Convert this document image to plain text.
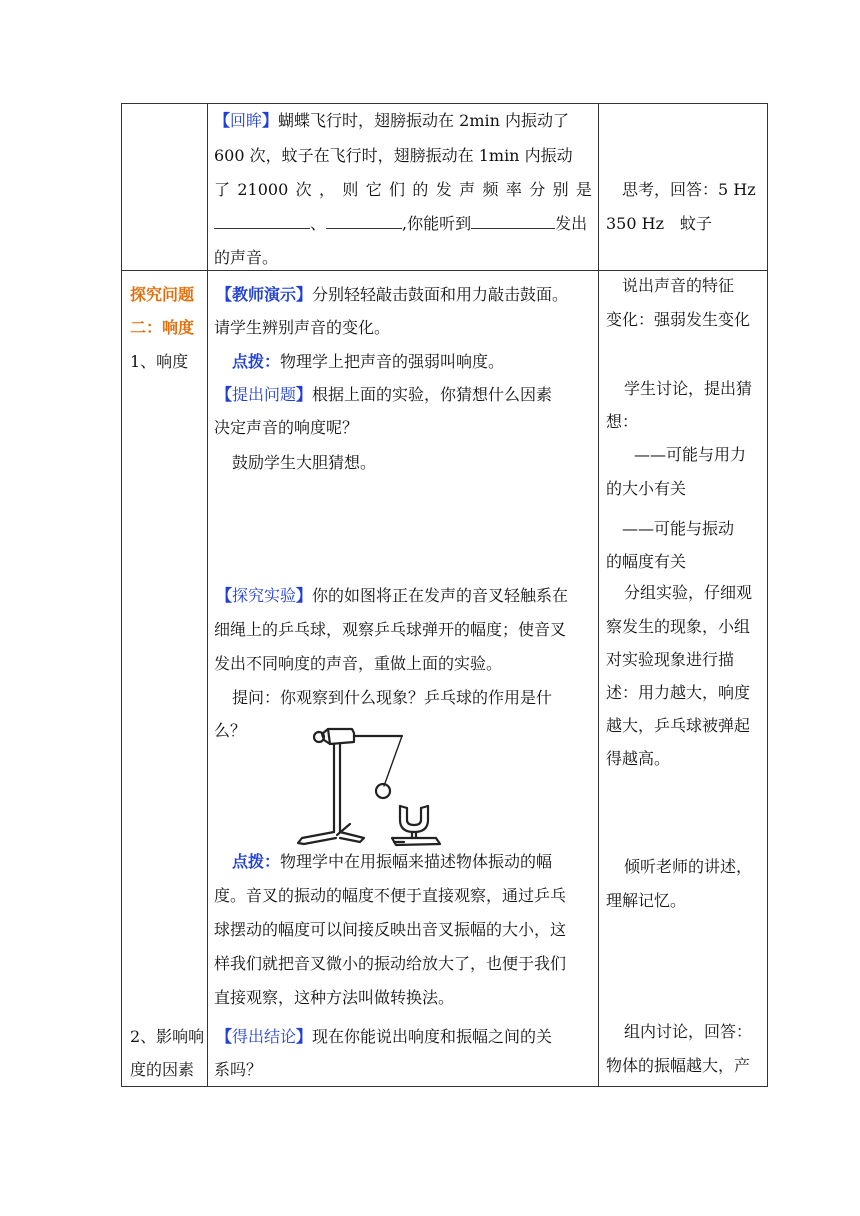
【回眸】蝴蝶飞行时，翅膀振动在 2min 内振动了
600 次，蚊子在飞行时，翅膀振动在 1min 内振动
了 21000 次 ， 则 它 们 的 发 声 频 率 分 别 是
、	,你能听到	发出
的声音。
思考，回答：5 Hz
350 Hz　蚊子
探究问题
二：响度
1、响度
【教师演示】分别轻轻敲击鼓面和用力敲击鼓面。
请学生辨别声音的变化。
点拨：物理学上把声音的强弱叫响度。
【提出问题】根据上面的实验，你猜想什么因素
决定声音的响度呢？
鼓励学生大胆猜想。
【探究实验】你的如图将正在发声的音叉轻触系在
细绳上的乒乓球，观察乒乓球弹开的幅度；使音叉
发出不同响度的声音，重做上面的实验。
提问：你观察到什么现象？乒乓球的作用是什
么？
点拨：物理学中在用振幅来描述物体振动的幅
度。音叉的振动的幅度不便于直接观察，通过乒乓
球摆动的幅度可以间接反映出音叉振幅的大小，这
样我们就把音叉微小的振动给放大了，也便于我们
直接观察，这种方法叫做转换法。
说出声音的特征
变化：强弱发生变化
学生讨论，提出猜
想：
——可能与用力
的大小有关
——可能与振动
的幅度有关
分组实验，仔细观
察发生的现象，小组
对实验现象进行描
述：用力越大，响度
越大，乒乓球被弹起
得越高。
倾听老师的讲述，
理解记忆。
2、影响响
度的因素
【得出结论】现在你能说出响度和振幅之间的关
系吗？
组内讨论，回答：
物体的振幅越大，产
